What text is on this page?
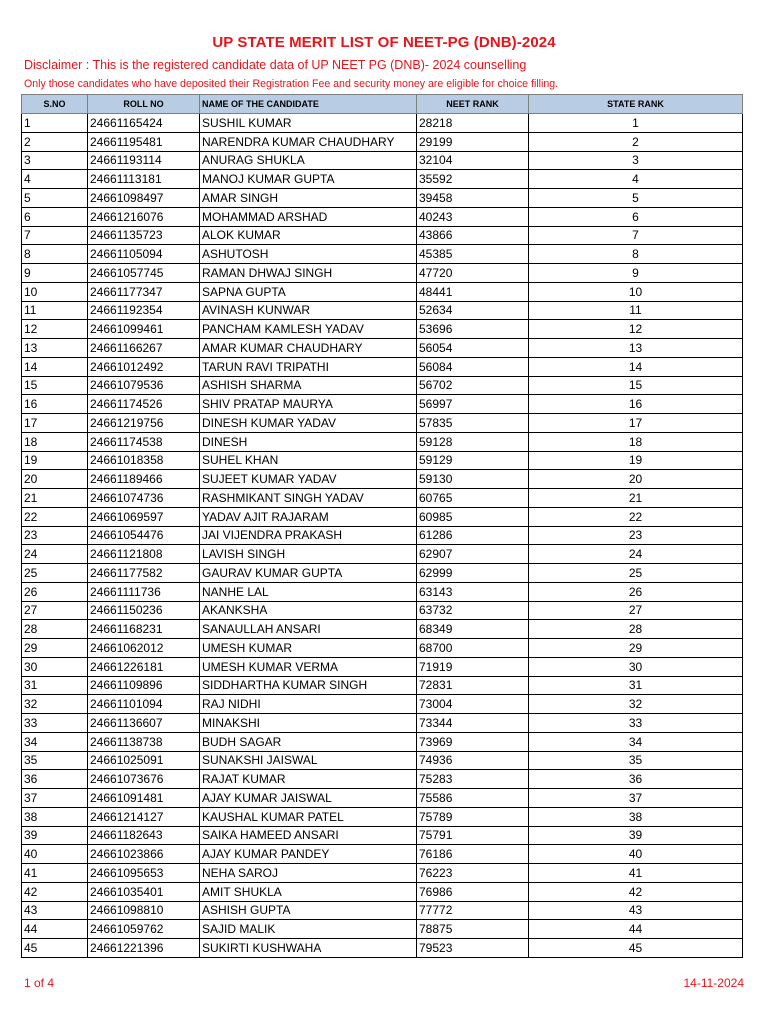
UP STATE MERIT LIST OF NEET-PG (DNB)-2024
Disclaimer : This is the registered candidate data of UP NEET PG (DNB)- 2024 counselling
Only those candidates who have deposited their Registration Fee and security money are eligible for choice filling.
S.NO	ROLL NO	NAME OF THE CANDIDATE	NEET RANK	STATE RANK
1	24661165424	SUSHIL KUMAR	28218	1
2	24661195481	NARENDRA KUMAR CHAUDHARY	29199	2
3	24661193114	ANURAG SHUKLA	32104	3
4	24661113181	MANOJ KUMAR GUPTA	35592	4
5	24661098497	AMAR SINGH	39458	5
6	24661216076	MOHAMMAD ARSHAD	40243	6
7	24661135723	ALOK KUMAR	43866	7
8	24661105094	ASHUTOSH	45385	8
9	24661057745	RAMAN DHWAJ SINGH	47720	9
10	24661177347	SAPNA GUPTA	48441	10
11	24661192354	AVINASH KUNWAR	52634	11
12	24661099461	PANCHAM KAMLESH YADAV	53696	12
13	24661166267	AMAR KUMAR CHAUDHARY	56054	13
14	24661012492	TARUN RAVI TRIPATHI	56084	14
15	24661079536	ASHISH SHARMA	56702	15
16	24661174526	SHIV PRATAP MAURYA	56997	16
17	24661219756	DINESH KUMAR YADAV	57835	17
18	24661174538	DINESH	59128	18
19	24661018358	SUHEL KHAN	59129	19
20	24661189466	SUJEET KUMAR YADAV	59130	20
21	24661074736	RASHMIKANT SINGH YADAV	60765	21
22	24661069597	YADAV AJIT RAJARAM	60985	22
23	24661054476	JAI VIJENDRA PRAKASH	61286	23
24	24661121808	LAVISH SINGH	62907	24
25	24661177582	GAURAV KUMAR GUPTA	62999	25
26	24661111736	NANHE LAL	63143	26
27	24661150236	AKANKSHA	63732	27
28	24661168231	SANAULLAH ANSARI	68349	28
29	24661062012	UMESH KUMAR	68700	29
30	24661226181	UMESH KUMAR VERMA	71919	30
31	24661109896	SIDDHARTHA KUMAR SINGH	72831	31
32	24661101094	RAJ NIDHI	73004	32
33	24661136607	MINAKSHI	73344	33
34	24661138738	BUDH SAGAR	73969	34
35	24661025091	SUNAKSHI JAISWAL	74936	35
36	24661073676	RAJAT KUMAR	75283	36
37	24661091481	AJAY KUMAR JAISWAL	75586	37
38	24661214127	KAUSHAL KUMAR PATEL	75789	38
39	24661182643	SAIKA HAMEED ANSARI	75791	39
40	24661023866	AJAY KUMAR PANDEY	76186	40
41	24661095653	NEHA SAROJ	76223	41
42	24661035401	AMIT SHUKLA	76986	42
43	24661098810	ASHISH GUPTA	77772	43
44	24661059762	SAJID MALIK	78875	44
45	24661221396	SUKIRTI KUSHWAHA	79523	45
1 of 4	14-11-2024
